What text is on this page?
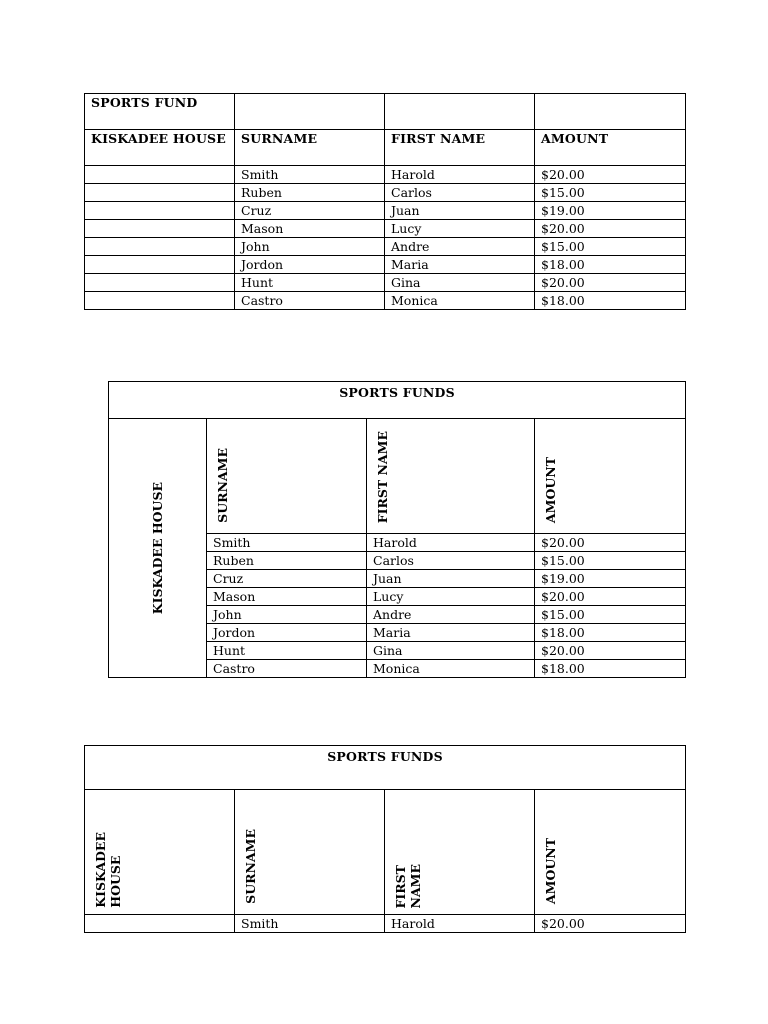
SPORTS FUND			
KISKADEE HOUSE	SURNAME	FIRST NAME	AMOUNT
	Smith	Harold	$20.00
	Ruben	Carlos	$15.00
	Cruz	Juan	$19.00
	Mason	Lucy	$20.00
	John	Andre	$15.00
	Jordon	Maria	$18.00
	Hunt	Gina	$20.00
	Castro	Monica	$18.00
SPORTS FUNDS			

KISKADEE HOUSE	SURNAME	FIRST NAME	AMOUNT

	Smith	Harold	$20.00
	Ruben	Carlos	$15.00
	Cruz	Juan	$19.00
	Mason	Lucy	$20.00
	John	Andre	$15.00
	Jordon	Maria	$18.00
	Hunt	Gina	$20.00
	Castro	Monica	$18.00
SPORTS FUNDS			

KISKADEE HOUSE	SURNAME	FIRST NAME	AMOUNT

	Smith	Harold	$20.00
